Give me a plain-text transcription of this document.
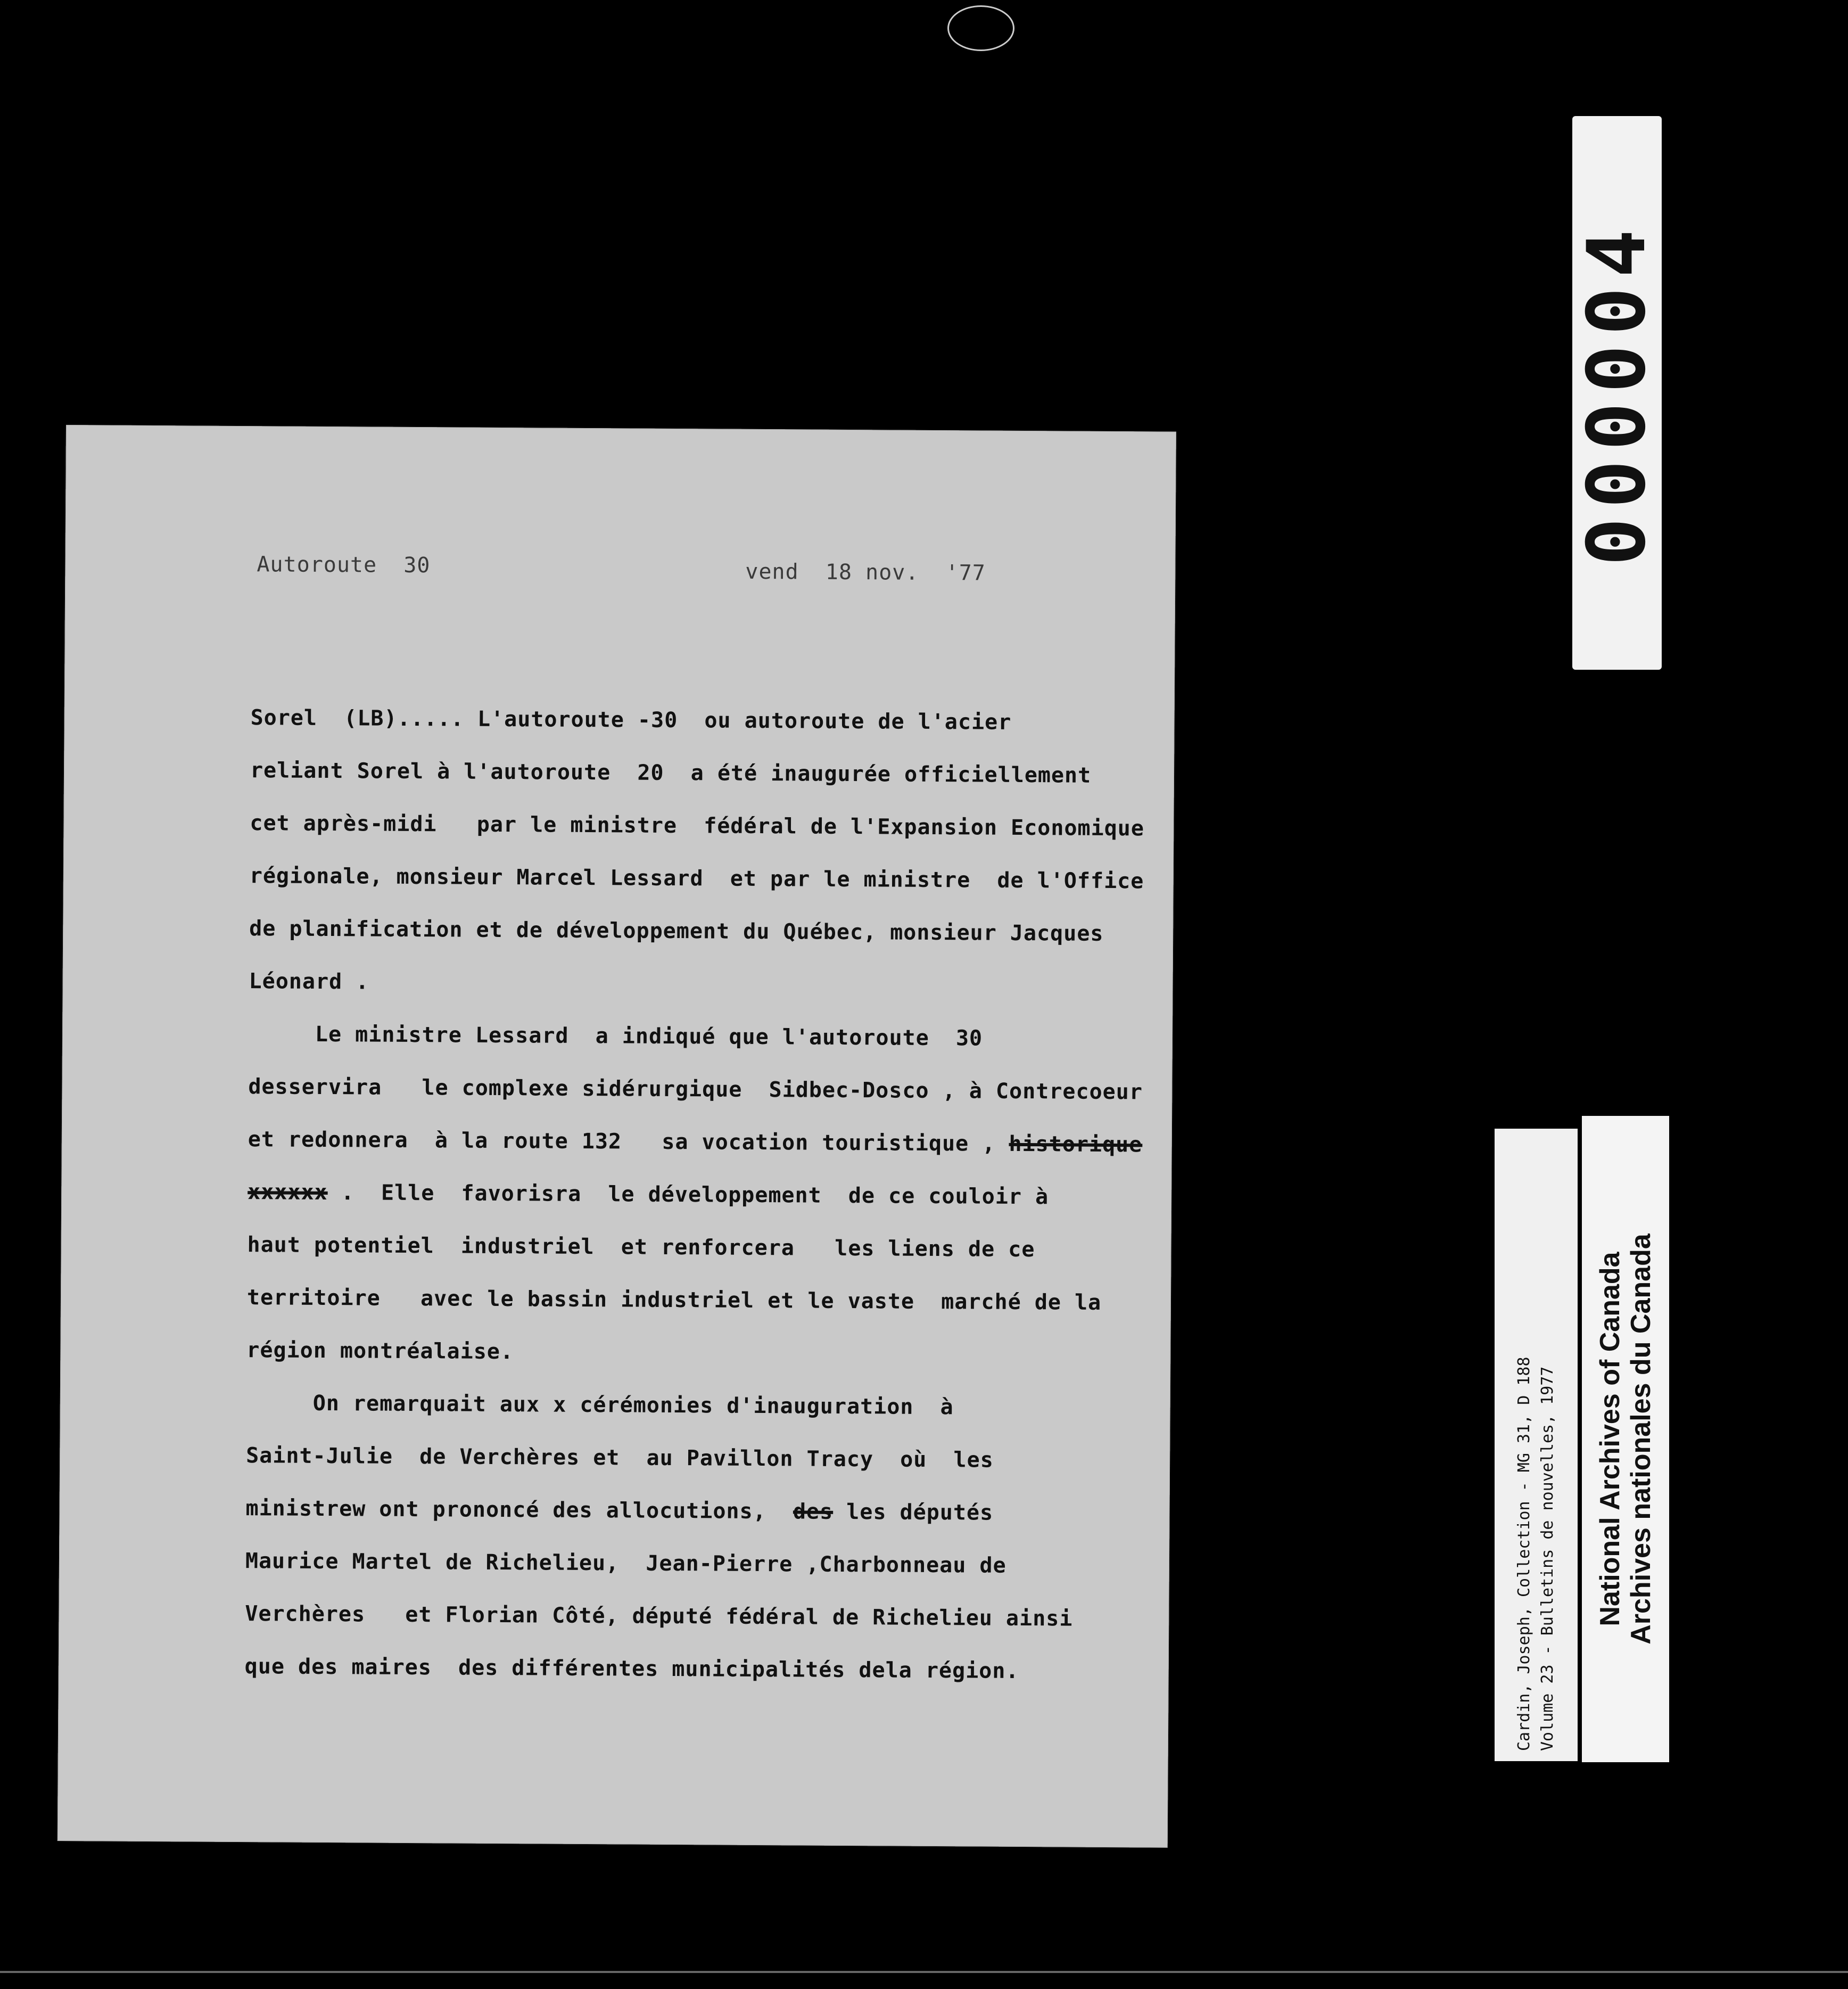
Autoroute  30	vend  18 nov.  '77
Sorel  (LB)..... L'autoroute -30  ou autoroute de l'acier
reliant Sorel à l'autoroute  20  a été inaugurée officiellement
cet après-midi   par le ministre  fédéral de l'Expansion Economique
régionale, monsieur Marcel Lessard  et par le ministre  de l'Office
de planification et de développement du Québec, monsieur Jacques
Léonard .
Le ministre Lessard  a indiqué que l'autoroute  30
desservira   le complexe sidérurgique  Sidbec-Dosco , à Contrecoeur
et redonnera  à la route 132   sa vocation touristique , historique
xxxxxx .  Elle  favorisra  le développement  de ce couloir à
haut potentiel  industriel  et renforcera   les liens de ce
territoire   avec le bassin industriel et le vaste  marché de la
région montréalaise.
On remarquait aux x cérémonies d'inauguration  à
Saint-Julie  de Verchères et  au Pavillon Tracy  où  les
ministrew ont prononcé des allocutions,  des les députés
Maurice Martel de Richelieu,  Jean-Pierre ,Charbonneau de
Verchères   et Florian Côté, député fédéral de Richelieu ainsi
que des maires  des différentes municipalités dela région.
000004
Cardin, Joseph, Collection - MG 31, D 188 Volume 23 - Bulletins de nouvelles, 1977 National Archives of Canada
Archives nationales du Canada
